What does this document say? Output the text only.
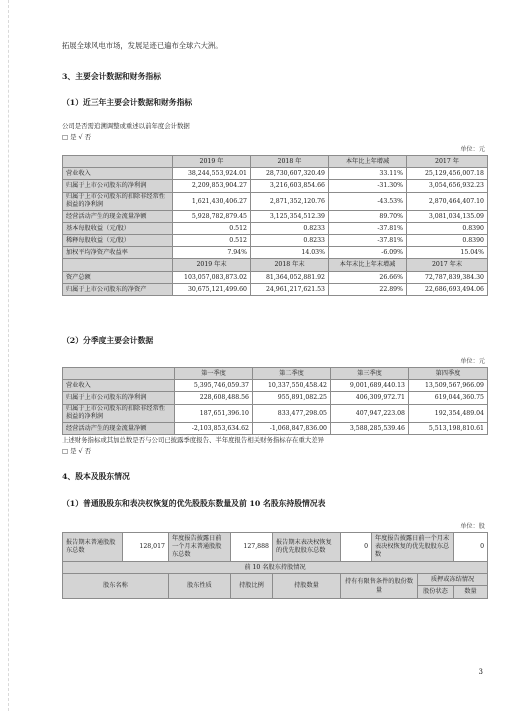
拓展全球风电市场，发展足迹已遍布全球六大洲。
3、主要会计数据和财务指标
（1）近三年主要会计数据和财务指标
公司是否需追溯调整或重述以前年度会计数据
□ 是 √ 否
单位：元
	2019 年	2018 年	本年比上年增减	2017 年
营业收入	38,244,553,924.01	28,730,607,320.49	33.11%	25,129,456,007.18
归属于上市公司股东的净利润	2,209,853,904.27	3,216,603,854.66	-31.30%	3,054,656,932.23
归属于上市公司股东的扣除非经常性损益的净利润	1,621,430,406.27	2,871,352,120.76	-43.53%	2,870,464,407.10
经营活动产生的现金流量净额	5,928,782,879.45	3,125,354,512.39	89.70%	3,081,034,135.09
基本每股收益（元/股）	0.512	0.8233	-37.81%	0.8390
稀释每股收益（元/股）	0.512	0.8233	-37.81%	0.8390
加权平均净资产收益率	7.94%	14.03%	-6.09%	15.04%
	2019 年末	2018 年末	本年末比上年末增减	2017 年末
资产总额	103,057,083,873.02	81,364,052,881.92	26.66%	72,787,839,384.30
归属于上市公司股东的净资产	30,675,121,499.60	24,961,217,621.53	22.89%	22,686,693,494.06
（2）分季度主要会计数据
单位：元
	第一季度	第二季度	第三季度	第四季度
营业收入	5,395,746,059.37	10,337,550,458.42	9,001,689,440.13	13,509,567,966.09
归属于上市公司股东的净利润	228,608,488.56	955,891,082.25	406,309,972.71	619,044,360.75
归属于上市公司股东的扣除非经常性损益的净利润	187,651,396.10	833,477,298.05	407,947,223.08	192,354,489.04
经营活动产生的现金流量净额	-2,103,853,634.62	-1,068,847,836.00	3,588,285,539.46	5,513,198,810.61
上述财务指标或其加总数是否与公司已披露季度报告、半年度报告相关财务指标存在重大差异
□ 是 √ 否
4、股本及股东情况
（1）普通股股东和表决权恢复的优先股股东数量及前 10 名股东持股情况表
单位：股
报告期末普通股股东总数	128,017	年度报告披露日前一个月末普通股股东总数	127,888	报告期末表决权恢复的优先股股东总数	0	年度报告披露日前一个月末表决权恢复的优先股股东总数		0
前 10 名股东持股情况								
股东名称		股东性质	持股比例	持股数量	持有有限售条件的股份数量		质押或冻结情况	
							股份状态	数量
3
